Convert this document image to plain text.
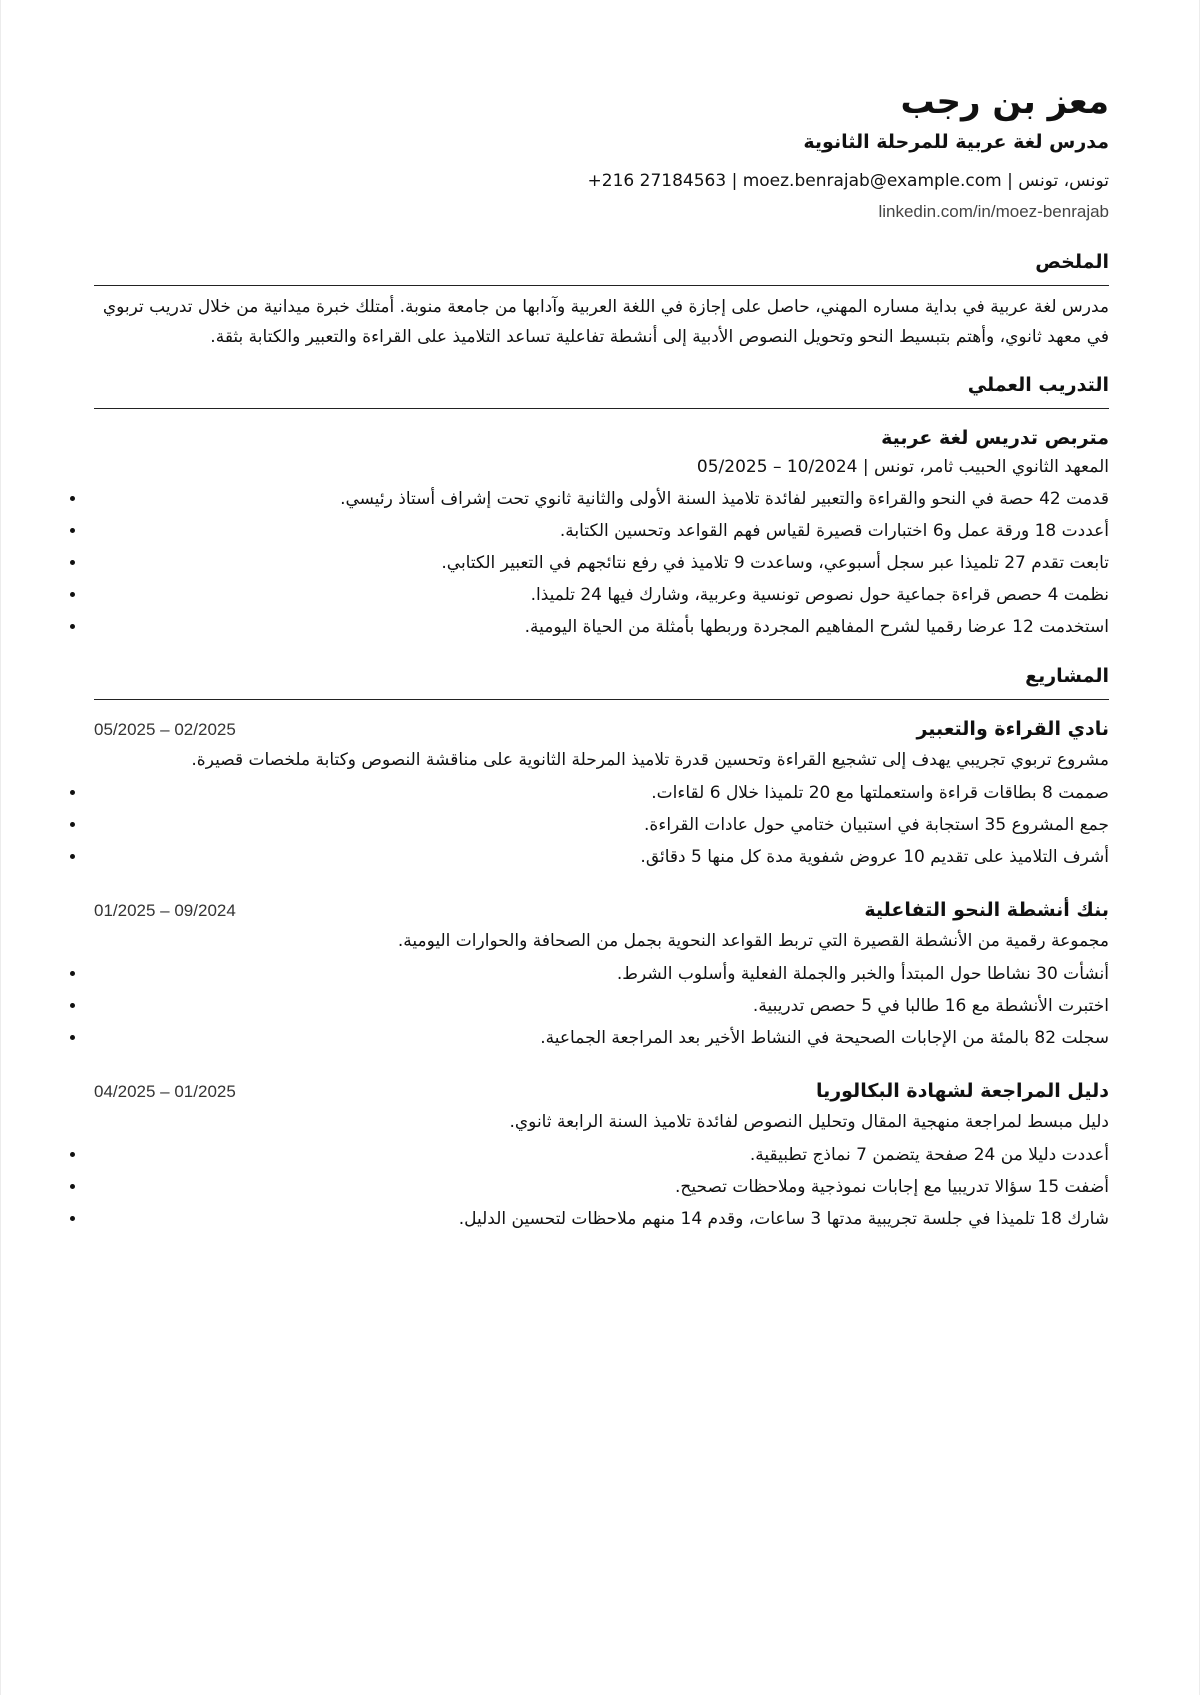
معز بن رجب
مدرس لغة عربية للمرحلة الثانوية
+216 27184563 | moez.benrajab@example.com | تونس، تونس
linkedin.com/in/moez-benrajab
الملخص
مدرس لغة عربية في بداية مساره المهني، حاصل على إجازة في اللغة العربية وآدابها من جامعة منوبة. أمتلك خبرة ميدانية من خلال تدريب تربوي في معهد ثانوي، وأهتم بتبسيط النحو وتحويل النصوص الأدبية إلى أنشطة تفاعلية تساعد التلاميذ على القراءة والتعبير والكتابة بثقة.
التدريب العملي
متربص تدريس لغة عربية
المعهد الثانوي الحبيب ثامر، تونس | 10/2024 – 05/2025
قدمت 42 حصة في النحو والقراءة والتعبير لفائدة تلاميذ السنة الأولى والثانية ثانوي تحت إشراف أستاذ رئيسي.
أعددت 18 ورقة عمل و6 اختبارات قصيرة لقياس فهم القواعد وتحسين الكتابة.
تابعت تقدم 27 تلميذا عبر سجل أسبوعي، وساعدت 9 تلاميذ في رفع نتائجهم في التعبير الكتابي.
نظمت 4 حصص قراءة جماعية حول نصوص تونسية وعربية، وشارك فيها 24 تلميذا.
استخدمت 12 عرضا رقميا لشرح المفاهيم المجردة وربطها بأمثلة من الحياة اليومية.
المشاريع
نادي القراءة والتعبير
05/2025 – 02/2025
مشروع تربوي تجريبي يهدف إلى تشجيع القراءة وتحسين قدرة تلاميذ المرحلة الثانوية على مناقشة النصوص وكتابة ملخصات قصيرة.
صممت 8 بطاقات قراءة واستعملتها مع 20 تلميذا خلال 6 لقاءات.
جمع المشروع 35 استجابة في استبيان ختامي حول عادات القراءة.
أشرف التلاميذ على تقديم 10 عروض شفوية مدة كل منها 5 دقائق.
بنك أنشطة النحو التفاعلية
01/2025 – 09/2024
مجموعة رقمية من الأنشطة القصيرة التي تربط القواعد النحوية بجمل من الصحافة والحوارات اليومية.
أنشأت 30 نشاطا حول المبتدأ والخبر والجملة الفعلية وأسلوب الشرط.
اختبرت الأنشطة مع 16 طالبا في 5 حصص تدريبية.
سجلت 82 بالمئة من الإجابات الصحيحة في النشاط الأخير بعد المراجعة الجماعية.
دليل المراجعة لشهادة البكالوريا
04/2025 – 01/2025
دليل مبسط لمراجعة منهجية المقال وتحليل النصوص لفائدة تلاميذ السنة الرابعة ثانوي.
أعددت دليلا من 24 صفحة يتضمن 7 نماذج تطبيقية.
أضفت 15 سؤالا تدريبيا مع إجابات نموذجية وملاحظات تصحيح.
شارك 18 تلميذا في جلسة تجريبية مدتها 3 ساعات، وقدم 14 منهم ملاحظات لتحسين الدليل.
